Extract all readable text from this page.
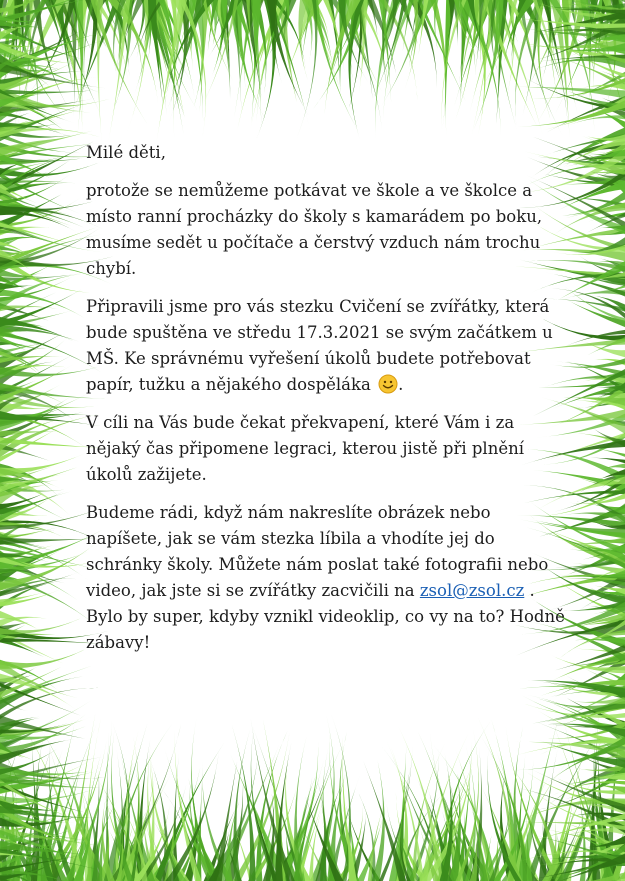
Milé děti,

protože se nemůžeme potkávat ve škole a ve školce a místo ranní procházky do školy s kamarádem po boku, musíme sedět u počítače a čerstvý vzduch nám trochu chybí.

Připravili jsme pro vás stezku Cvičení se zvířátky, která bude spuštěna ve středu 17.3.2021 se svým začátkem u MŠ. Ke správnému vyřešení úkolů budete potřebovat papír, tužku a nějakého dospěláka .

V cíli na Vás bude čekat překvapení, které Vám i za nějaký čas připomene legraci, kterou jistě při plnění úkolů zažijete.

Budeme rádi, když nám nakreslíte obrázek nebo napíšete, jak se vám stezka líbila a vhodíte jej do schránky školy. Můžete nám poslat také fotografii nebo video, jak jste si se zvířátky zacvičili na zsol@zsol.cz . Bylo by super, kdyby vznikl videoklip, co vy na to? Hodně zábavy!
